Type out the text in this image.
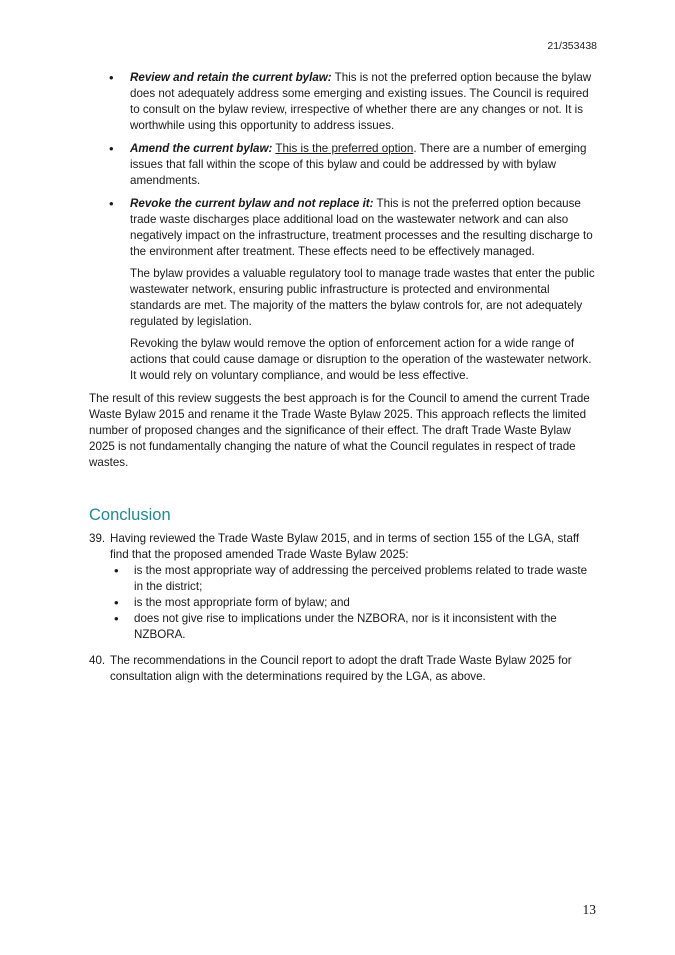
21/353438
• Review and retain the current bylaw: This is not the preferred option because the bylaw does not adequately address some emerging and existing issues. The Council is required to consult on the bylaw review, irrespective of whether there are any changes or not. It is worthwhile using this opportunity to address issues.
• Amend the current bylaw: This is the preferred option. There are a number of emerging issues that fall within the scope of this bylaw and could be addressed by with bylaw amendments.
• Revoke the current bylaw and not replace it: This is not the preferred option because trade waste discharges place additional load on the wastewater network and can also negatively impact on the infrastructure, treatment processes and the resulting discharge to the environment after treatment. These effects need to be effectively managed.

The bylaw provides a valuable regulatory tool to manage trade wastes that enter the public wastewater network, ensuring public infrastructure is protected and environmental standards are met. The majority of the matters the bylaw controls for, are not adequately regulated by legislation.

Revoking the bylaw would remove the option of enforcement action for a wide range of actions that could cause damage or disruption to the operation of the wastewater network. It would rely on voluntary compliance, and would be less effective.

The result of this review suggests the best approach is for the Council to amend the current Trade Waste Bylaw 2015 and rename it the Trade Waste Bylaw 2025. This approach reflects the limited number of proposed changes and the significance of their effect. The draft Trade Waste Bylaw 2025 is not fundamentally changing the nature of what the Council regulates in respect of trade wastes.

Conclusion
39. Having reviewed the Trade Waste Bylaw 2015, and in terms of section 155 of the LGA, staff find that the proposed amended Trade Waste Bylaw 2025:
• is the most appropriate way of addressing the perceived problems related to trade waste in the district;
• is the most appropriate form of bylaw; and
• does not give rise to implications under the NZBORA, nor is it inconsistent with the NZBORA.
40. The recommendations in the Council report to adopt the draft Trade Waste Bylaw 2025 for consultation align with the determinations required by the LGA, as above.
13
